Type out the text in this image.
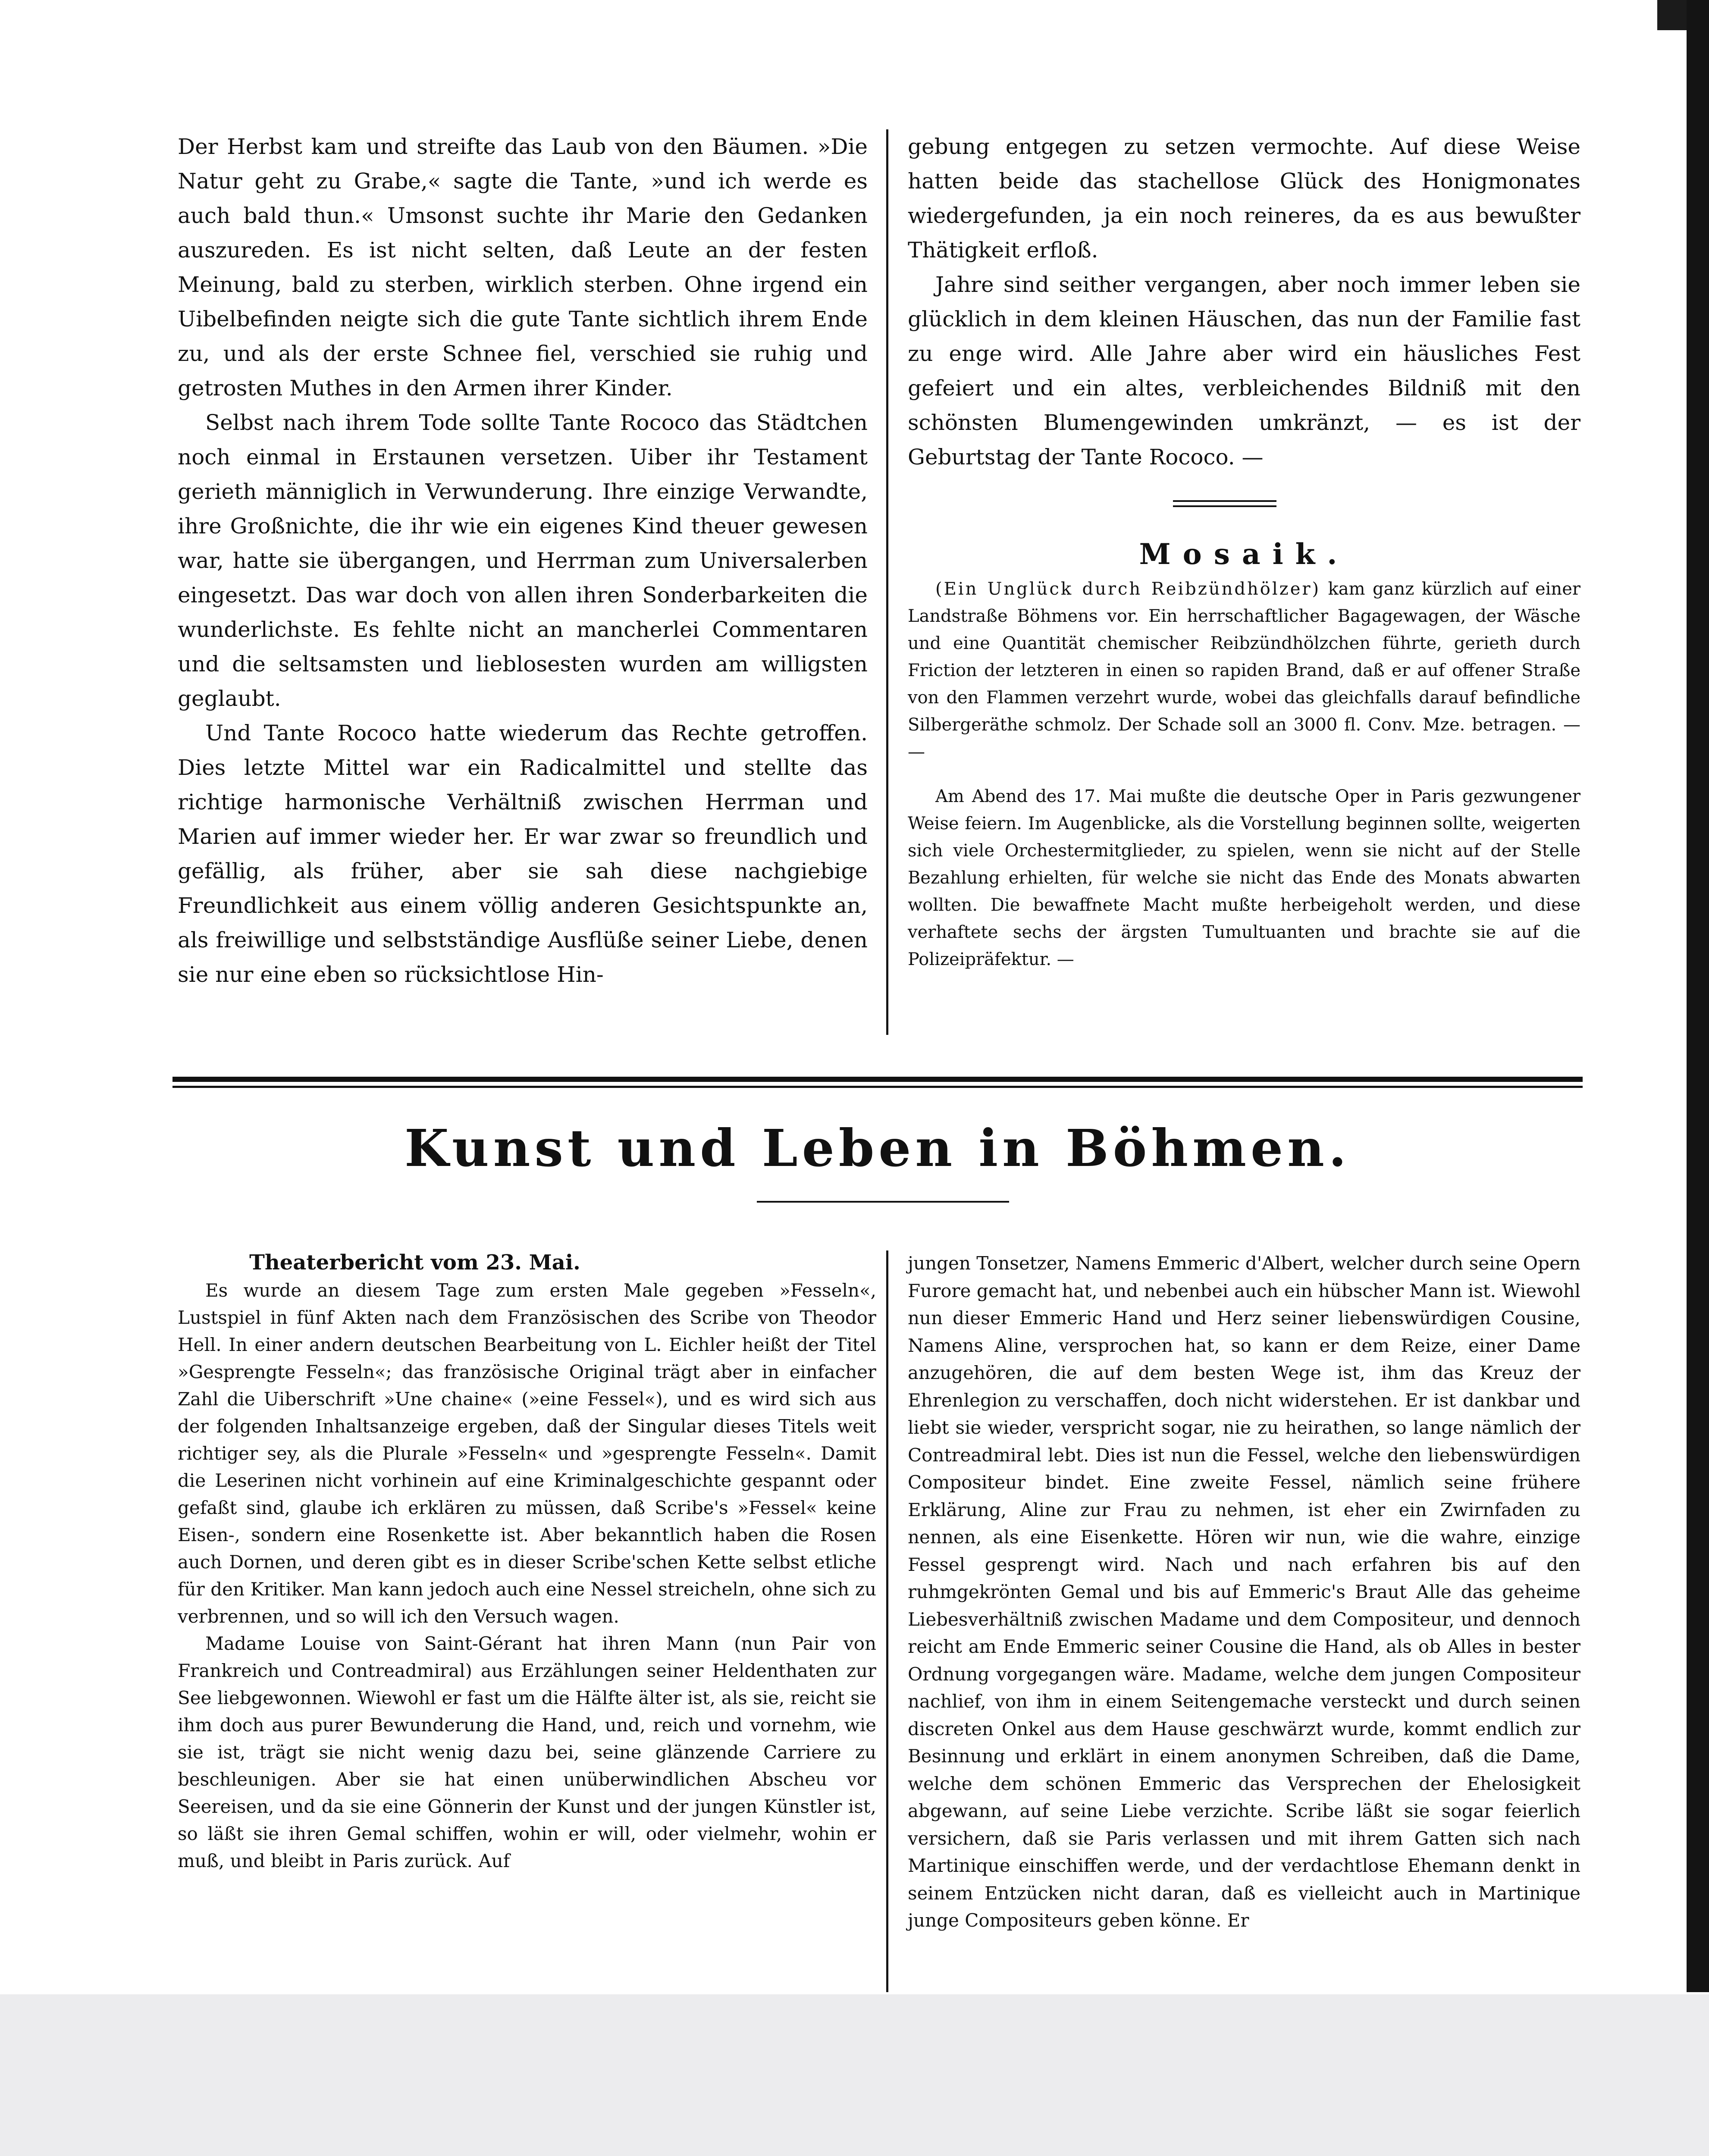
Der Herbst kam und streifte das Laub von den Bäumen. »Die Natur geht zu Grabe,« sagte die Tante, »und ich werde es auch bald thun.« Umsonst suchte ihr Marie den Gedanken auszureden. Es ist nicht selten, daß Leute an der festen Meinung, bald zu sterben, wirklich sterben. Ohne irgend ein Uibelbefinden neigte sich die gute Tante sichtlich ihrem Ende zu, und als der erste Schnee fiel, verschied sie ruhig und getrosten Muthes in den Armen ihrer Kinder.

Selbst nach ihrem Tode sollte Tante Rococo das Städtchen noch einmal in Erstaunen versetzen. Uiber ihr Testament gerieth männiglich in Verwunderung. Ihre einzige Verwandte, ihre Großnichte, die ihr wie ein eigenes Kind theuer gewesen war, hatte sie übergangen, und Herrman zum Universalerben eingesetzt. Das war doch von allen ihren Sonderbarkeiten die wunderlichste. Es fehlte nicht an mancherlei Commentaren und die seltsamsten und lieblosesten wurden am willigsten geglaubt.

Und Tante Rococo hatte wiederum das Rechte getroffen. Dies letzte Mittel war ein Radicalmittel und stellte das richtige harmonische Verhältniß zwischen Herrman und Marien auf immer wieder her. Er war zwar so freundlich und gefällig, als früher, aber sie sah diese nachgiebige Freundlichkeit aus einem völlig anderen Gesichtspunkte an, als freiwillige und selbstständige Ausflüße seiner Liebe, denen sie nur eine eben so rücksichtlose Hin-

gebung entgegen zu setzen vermochte. Auf diese Weise hatten beide das stachellose Glück des Honigmonates wiedergefunden, ja ein noch reineres, da es aus bewußter Thätigkeit erfloß.

Jahre sind seither vergangen, aber noch immer leben sie glücklich in dem kleinen Häuschen, das nun der Familie fast zu enge wird. Alle Jahre aber wird ein häusliches Fest gefeiert und ein altes, verbleichendes Bildniß mit den schönsten Blumengewinden umkränzt, — es ist der Geburtstag der Tante Rococo. —

Mosaik.

(Ein Unglück durch Reibzündhölzer) kam ganz kürzlich auf einer Landstraße Böhmens vor. Ein herrschaftlicher Bagagewagen, der Wäsche und eine Quantität chemischer Reibzündhölzchen führte, gerieth durch Friction der letzteren in einen so rapiden Brand, daß er auf offener Straße von den Flammen verzehrt wurde, wobei das gleichfalls darauf befindliche Silbergeräthe schmolz. Der Schade soll an 3000 fl. Conv. Mze. betragen. — —

Am Abend des 17. Mai mußte die deutsche Oper in Paris gezwungener Weise feiern. Im Augenblicke, als die Vorstellung beginnen sollte, weigerten sich viele Orchestermitglieder, zu spielen, wenn sie nicht auf der Stelle Bezahlung erhielten, für welche sie nicht das Ende des Monats abwarten wollten. Die bewaffnete Macht mußte herbeigeholt werden, und diese verhaftete sechs der ärgsten Tumultuanten und brachte sie auf die Polizeipräfektur. —

Kunst und Leben in Böhmen.
Theaterbericht vom 23. Mai.

Es wurde an diesem Tage zum ersten Male gegeben »Fesseln«, Lustspiel in fünf Akten nach dem Französischen des Scribe von Theodor Hell. In einer andern deutschen Bearbeitung von L. Eichler heißt der Titel »Gesprengte Fesseln«; das französische Original trägt aber in einfacher Zahl die Uiberschrift »Une chaine« (»eine Fessel«), und es wird sich aus der folgenden Inhaltsanzeige ergeben, daß der Singular dieses Titels weit richtiger sey, als die Plurale »Fesseln« und »gesprengte Fesseln«. Damit die Leserinen nicht vorhinein auf eine Kriminalgeschichte gespannt oder gefaßt sind, glaube ich erklären zu müssen, daß Scribe's »Fessel« keine Eisen-, sondern eine Rosenkette ist. Aber bekanntlich haben die Rosen auch Dornen, und deren gibt es in dieser Scribe'schen Kette selbst etliche für den Kritiker. Man kann jedoch auch eine Nessel streicheln, ohne sich zu verbrennen, und so will ich den Versuch wagen.

Madame Louise von Saint-Gérant hat ihren Mann (nun Pair von Frankreich und Contreadmiral) aus Erzählungen seiner Heldenthaten zur See liebgewonnen. Wiewohl er fast um die Hälfte älter ist, als sie, reicht sie ihm doch aus purer Bewunderung die Hand, und, reich und vornehm, wie sie ist, trägt sie nicht wenig dazu bei, seine glänzende Carriere zu beschleunigen. Aber sie hat einen unüberwindlichen Abscheu vor Seereisen, und da sie eine Gönnerin der Kunst und der jungen Künstler ist, so läßt sie ihren Gemal schiffen, wohin er will, oder vielmehr, wohin er muß, und bleibt in Paris zurück. Auf

jungen Tonsetzer, Namens Emmeric d'Albert, welcher durch seine Opern Furore gemacht hat, und nebenbei auch ein hübscher Mann ist. Wiewohl nun dieser Emmeric Hand und Herz seiner liebenswürdigen Cousine, Namens Aline, versprochen hat, so kann er dem Reize, einer Dame anzugehören, die auf dem besten Wege ist, ihm das Kreuz der Ehrenlegion zu verschaffen, doch nicht widerstehen. Er ist dankbar und liebt sie wieder, verspricht sogar, nie zu heirathen, so lange nämlich der Contreadmiral lebt. Dies ist nun die Fessel, welche den liebenswürdigen Compositeur bindet. Eine zweite Fessel, nämlich seine frühere Erklärung, Aline zur Frau zu nehmen, ist eher ein Zwirnfaden zu nennen, als eine Eisenkette. Hören wir nun, wie die wahre, einzige Fessel gesprengt wird. Nach und nach erfahren bis auf den ruhmgekrönten Gemal und bis auf Emmeric's Braut Alle das geheime Liebesverhältniß zwischen Madame und dem Compositeur, und dennoch reicht am Ende Emmeric seiner Cousine die Hand, als ob Alles in bester Ordnung vorgegangen wäre. Madame, welche dem jungen Compositeur nachlief, von ihm in einem Seitengemache versteckt und durch seinen discreten Onkel aus dem Hause geschwärzt wurde, kommt endlich zur Besinnung und erklärt in einem anonymen Schreiben, daß die Dame, welche dem schönen Emmeric das Versprechen der Ehelosigkeit abgewann, auf seine Liebe verzichte. Scribe läßt sie sogar feierlich versichern, daß sie Paris verlassen und mit ihrem Gatten sich nach Martinique einschiffen werde, und der verdachtlose Ehemann denkt in seinem Entzücken nicht daran, daß es vielleicht auch in Martinique junge Compositeurs geben könne. Er
